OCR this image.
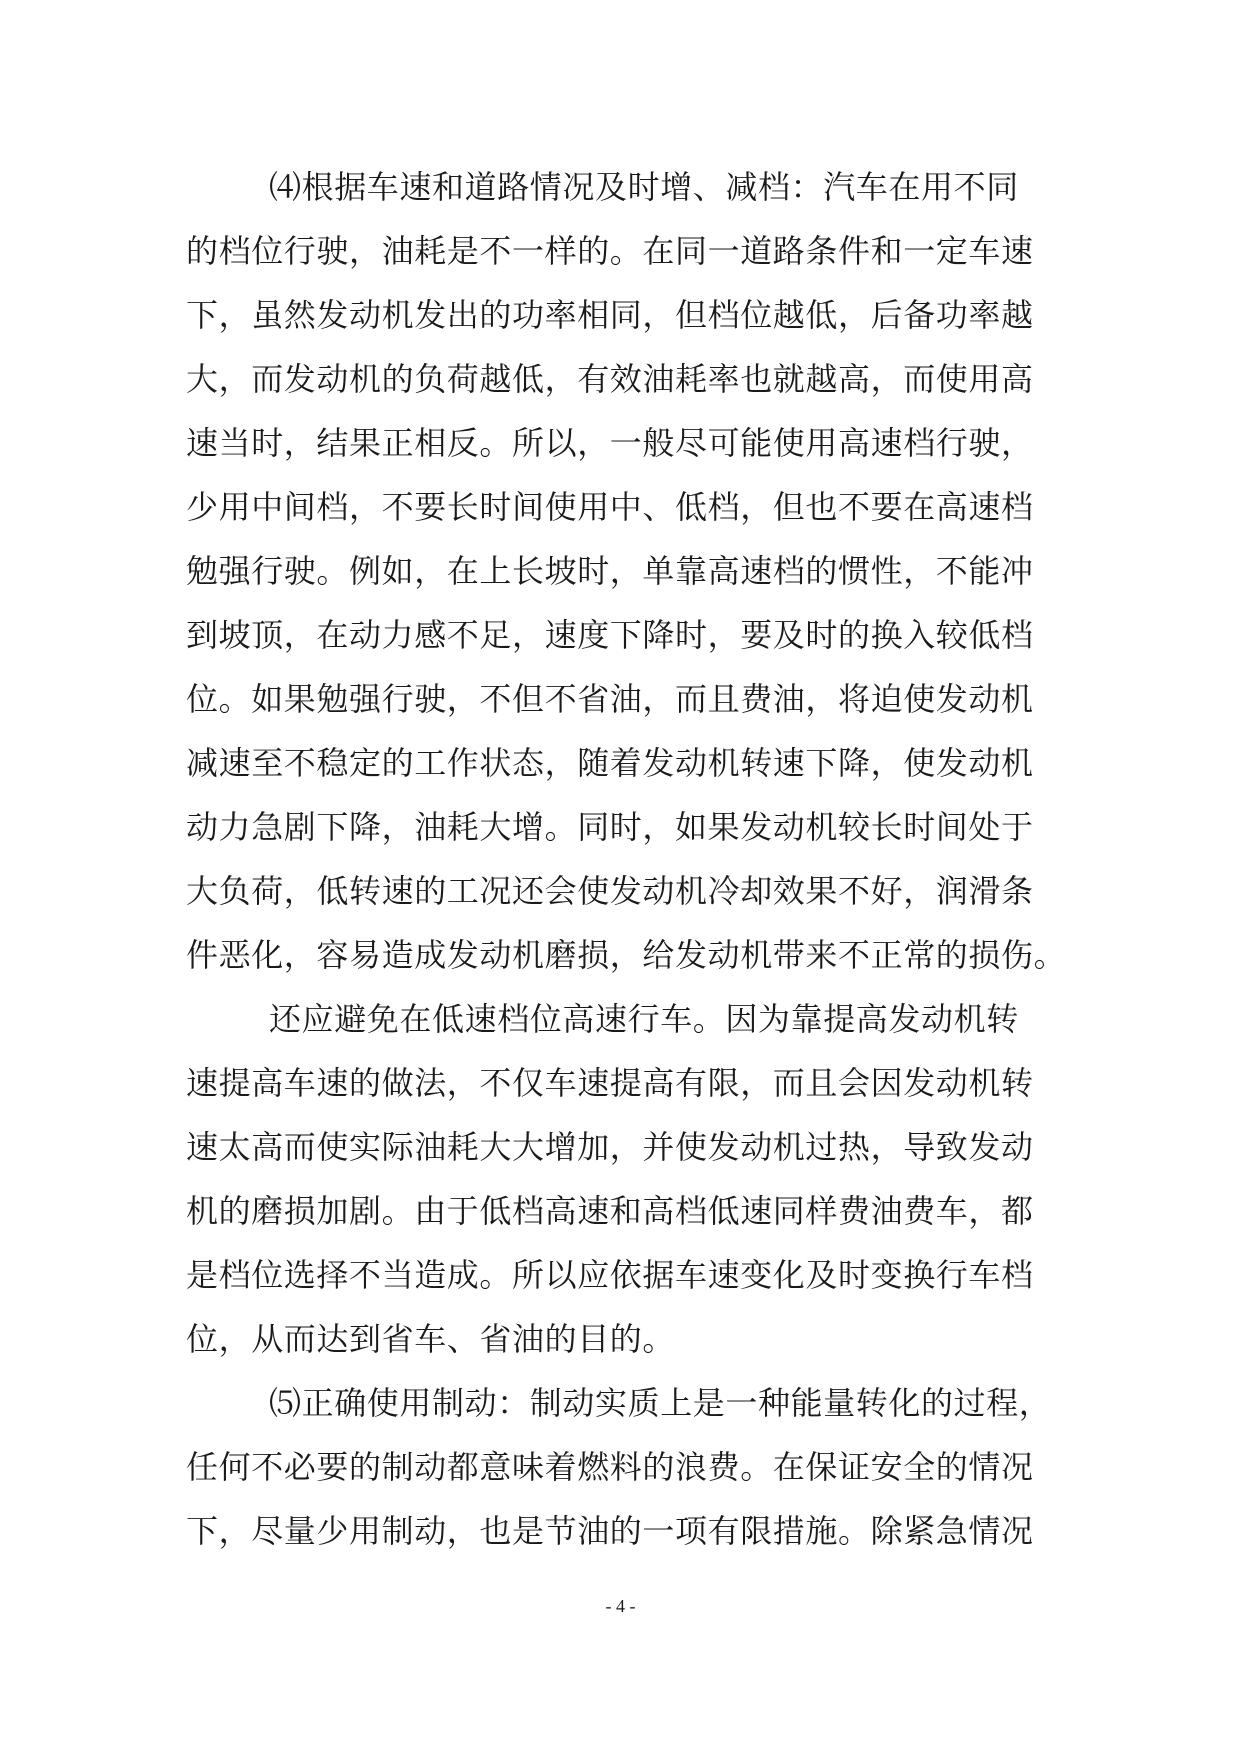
⑷根据车速和道路情况及时增、减档：汽车在用不同
的档位行驶，油耗是不一样的。在同一道路条件和一定车速
下，虽然发动机发出的功率相同，但档位越低，后备功率越
大，而发动机的负荷越低，有效油耗率也就越高，而使用高
速当时，结果正相反。所以，一般尽可能使用高速档行驶，
少用中间档，不要长时间使用中、低档，但也不要在高速档
勉强行驶。例如，在上长坡时，单靠高速档的惯性，不能冲
到坡顶，在动力感不足，速度下降时，要及时的换入较低档
位。如果勉强行驶，不但不省油，而且费油，将迫使发动机
减速至不稳定的工作状态，随着发动机转速下降，使发动机
动力急剧下降，油耗大增。同时，如果发动机较长时间处于
大负荷，低转速的工况还会使发动机冷却效果不好，润滑条
件恶化，容易造成发动机磨损，给发动机带来不正常的损伤。
还应避免在低速档位高速行车。因为靠提高发动机转
速提高车速的做法，不仅车速提高有限，而且会因发动机转
速太高而使实际油耗大大增加，并使发动机过热，导致发动
机的磨损加剧。由于低档高速和高档低速同样费油费车，都
是档位选择不当造成。所以应依据车速变化及时变换行车档
位，从而达到省车、省油的目的。
⑸正确使用制动：制动实质上是一种能量转化的过程，
任何不必要的制动都意味着燃料的浪费。在保证安全的情况
下，尽量少用制动，也是节油的一项有限措施。除紧急情况
- 4 -
